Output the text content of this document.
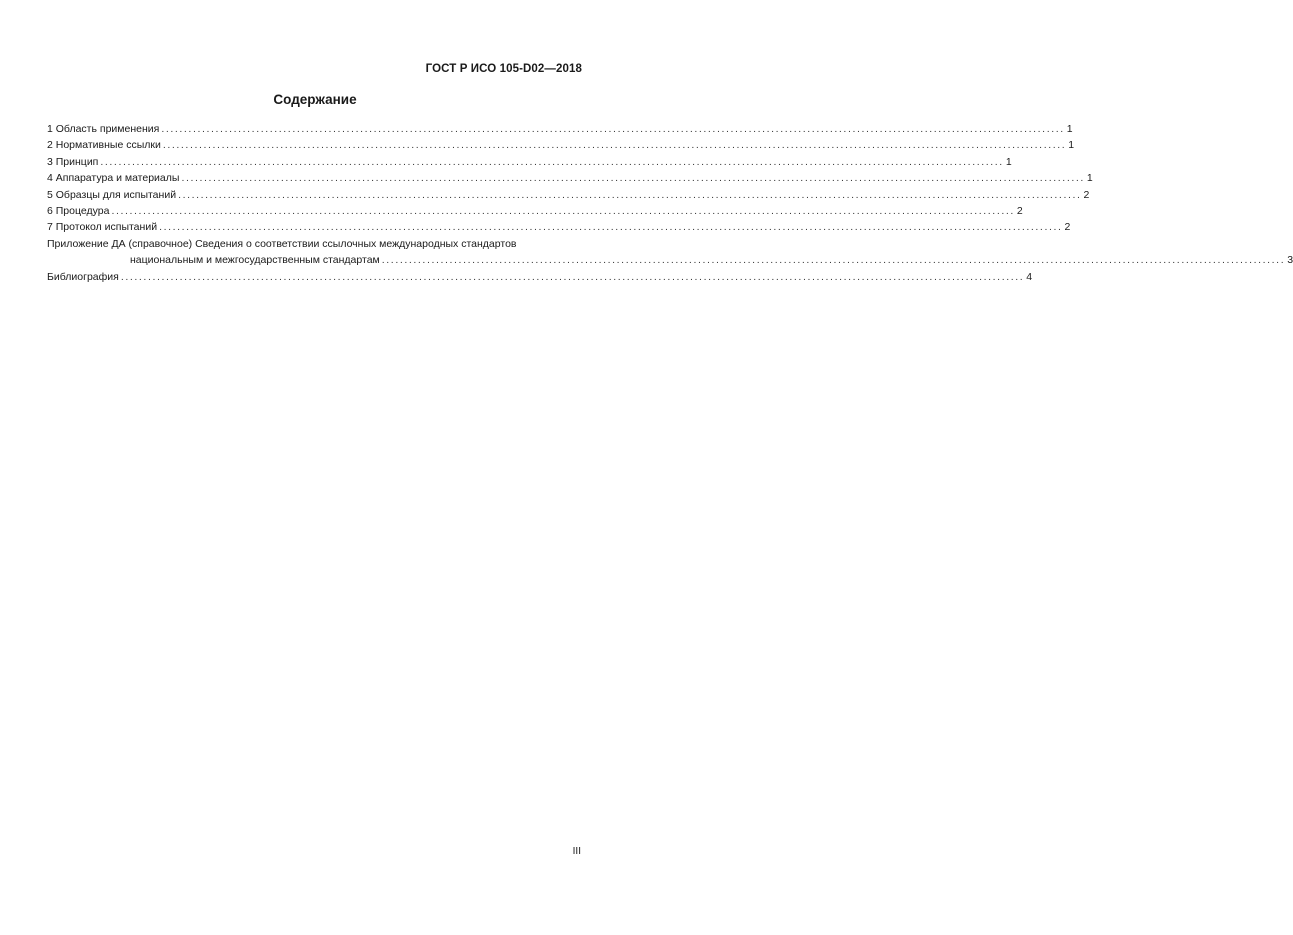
ГОСТ Р ИСО 105-D02—2018
Содержание
1 Область применения ........................................................................................................................................................................................................ 1
2 Нормативные ссылки ........................................................................................................................................................................................................ 1
3 Принцип ........................................................................................................................................................................................................ 1
4 Аппаратура и материалы ........................................................................................................................................................................................................ 1
5 Образцы для испытаний ........................................................................................................................................................................................................ 2
6 Процедура ........................................................................................................................................................................................................ 2
7 Протокол испытаний ........................................................................................................................................................................................................ 2
Приложение ДА (справочное) Сведения о соответствии ссылочных международных стандартов
национальным и межгосударственным стандартам ........................................................................................................................................................................................................ 3
Библиография ........................................................................................................................................................................................................ 4
III
